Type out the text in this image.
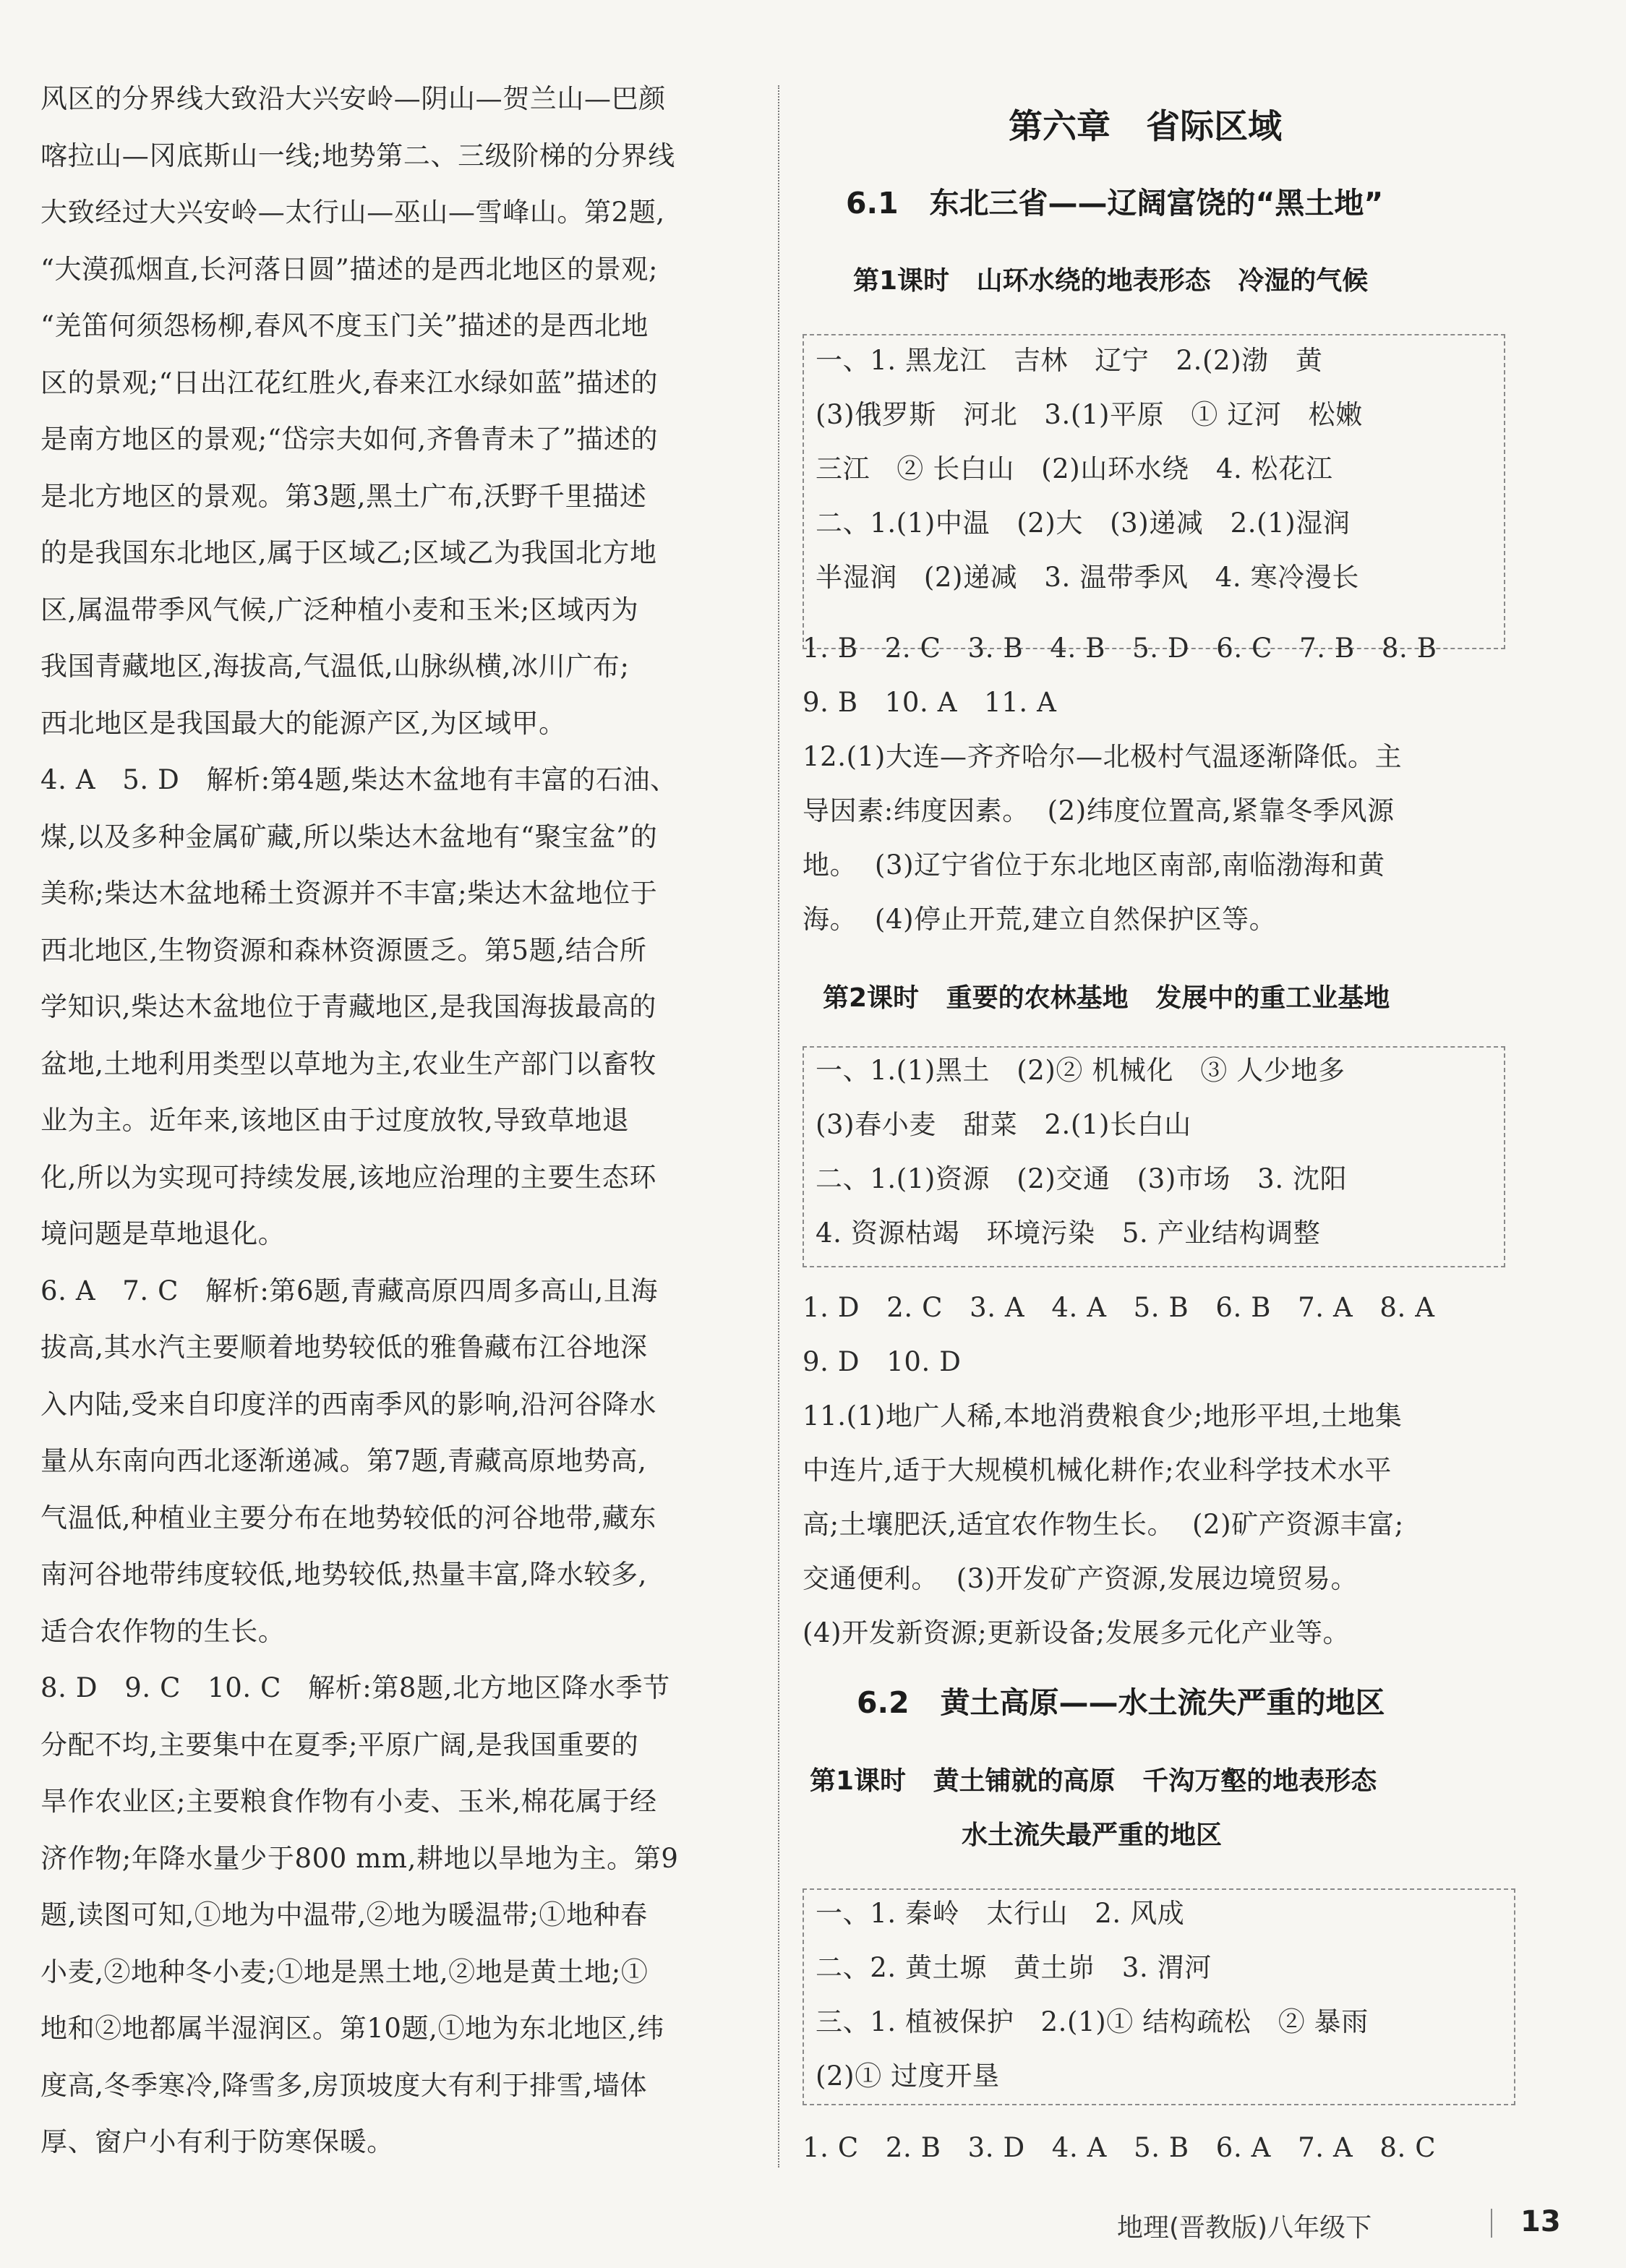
风区的分界线大致沿大兴安岭—阴山—贺兰山—巴颜

喀拉山—冈底斯山一线;地势第二、三级阶梯的分界线

大致经过大兴安岭—太行山—巫山—雪峰山。第2题,

“大漠孤烟直,长河落日圆”描述的是西北地区的景观;

“羌笛何须怨杨柳,春风不度玉门关”描述的是西北地

区的景观;“日出江花红胜火,春来江水绿如蓝”描述的

是南方地区的景观;“岱宗夫如何,齐鲁青未了”描述的

是北方地区的景观。第3题,黑土广布,沃野千里描述

的是我国东北地区,属于区域乙;区域乙为我国北方地

区,属温带季风气候,广泛种植小麦和玉米;区域丙为

我国青藏地区,海拔高,气温低,山脉纵横,冰川广布;

西北地区是我国最大的能源产区,为区域甲。

4. A   5. D   解析:第4题,柴达木盆地有丰富的石油、

煤,以及多种金属矿藏,所以柴达木盆地有“聚宝盆”的

美称;柴达木盆地稀土资源并不丰富;柴达木盆地位于

西北地区,生物资源和森林资源匮乏。第5题,结合所

学知识,柴达木盆地位于青藏地区,是我国海拔最高的

盆地,土地利用类型以草地为主,农业生产部门以畜牧

业为主。近年来,该地区由于过度放牧,导致草地退

化,所以为实现可持续发展,该地应治理的主要生态环

境问题是草地退化。

6. A   7. C   解析:第6题,青藏高原四周多高山,且海

拔高,其水汽主要顺着地势较低的雅鲁藏布江谷地深

入内陆,受来自印度洋的西南季风的影响,沿河谷降水

量从东南向西北逐渐递减。第7题,青藏高原地势高,

气温低,种植业主要分布在地势较低的河谷地带,藏东

南河谷地带纬度较低,地势较低,热量丰富,降水较多,

适合农作物的生长。

8. D   9. C   10. C   解析:第8题,北方地区降水季节

分配不均,主要集中在夏季;平原广阔,是我国重要的

旱作农业区;主要粮食作物有小麦、玉米,棉花属于经

济作物;年降水量少于800 mm,耕地以旱地为主。第9

题,读图可知,①地为中温带,②地为暖温带;①地种春

小麦,②地种冬小麦;①地是黑土地,②地是黄土地;①

地和②地都属半湿润区。第10题,①地为东北地区,纬

度高,冬季寒冷,降雪多,房顶坡度大有利于排雪,墙体

厚、窗户小有利于防寒保暖。

第六章   省际区域
6.1   东北三省——辽阔富饶的“黑土地”
第1课时   山环水绕的地表形态   冷湿的气候

一、1. 黑龙江   吉林   辽宁   2.(2)渤   黄

(3)俄罗斯   河北   3.(1)平原   ① 辽河   松嫩

三江   ② 长白山   (2)山环水绕   4. 松花江

二、1.(1)中温   (2)大   (3)递减   2.(1)湿润

半湿润   (2)递减   3. 温带季风   4. 寒冷漫长

1. B   2. C   3. B   4. B   5. D   6. C   7. B   8. B

9. B   10. A   11. A

12.(1)大连—齐齐哈尔—北极村气温逐渐降低。主

导因素:纬度因素。  (2)纬度位置高,紧靠冬季风源

地。  (3)辽宁省位于东北地区南部,南临渤海和黄

海。  (4)停止开荒,建立自然保护区等。

第2课时   重要的农林基地   发展中的重工业基地

一、1.(1)黑土   (2)② 机械化   ③ 人少地多

(3)春小麦   甜菜   2.(1)长白山

二、1.(1)资源   (2)交通   (3)市场   3. 沈阳

4. 资源枯竭   环境污染   5. 产业结构调整

1. D   2. C   3. A   4. A   5. B   6. B   7. A   8. A

9. D   10. D

11.(1)地广人稀,本地消费粮食少;地形平坦,土地集

中连片,适于大规模机械化耕作;农业科学技术水平

高;土壤肥沃,适宜农作物生长。  (2)矿产资源丰富;

交通便利。  (3)开发矿产资源,发展边境贸易。

(4)开发新资源;更新设备;发展多元化产业等。

6.2   黄土高原——水土流失严重的地区
第1课时   黄土铺就的高原   千沟万壑的地表形态
水土流失最严重的地区

一、1. 秦岭   太行山   2. 风成

二、2. 黄土塬   黄土峁   3. 渭河

三、1. 植被保护   2.(1)① 结构疏松   ② 暴雨

(2)① 过度开垦

1. C   2. B   3. D   4. A   5. B   6. A   7. A   8. C

地理(晋教版)八年级下	13
